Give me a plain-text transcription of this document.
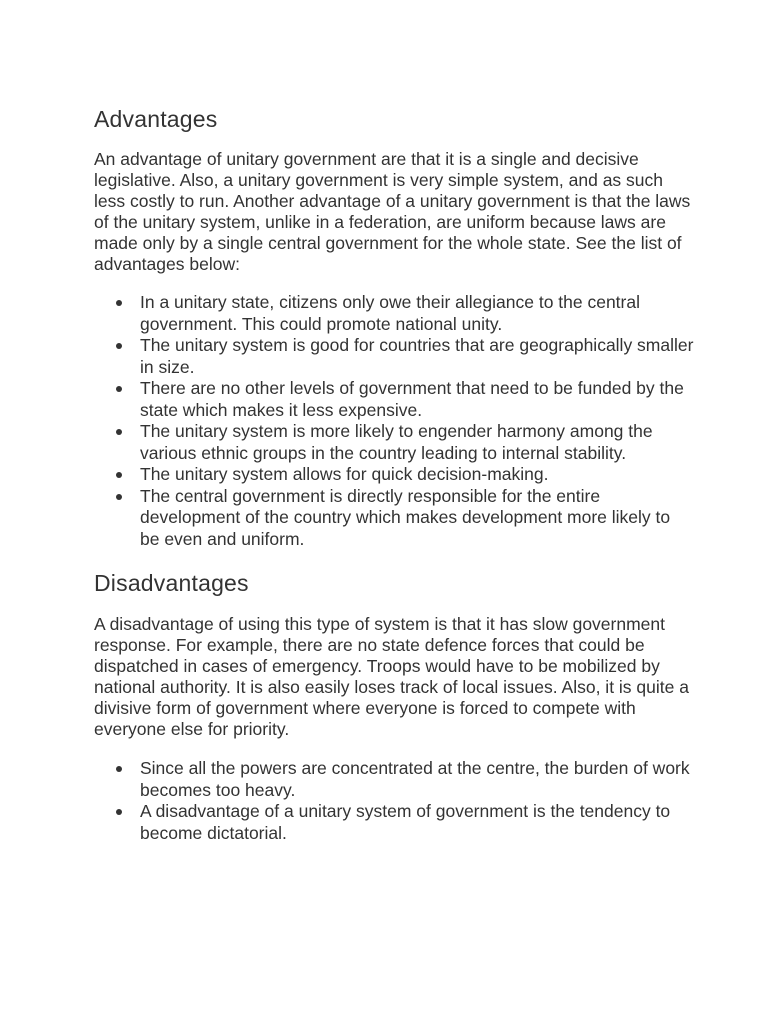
Advantages

An advantage of unitary government are that it is a single and decisive legislative. Also, a unitary government is very simple system, and as such less costly to run. Another advantage of a unitary government is that the laws of the unitary system, unlike in a federation, are uniform because laws are made only by a single central government for the whole state. See the list of advantages below:

In a unitary state, citizens only owe their allegiance to the central government. This could promote national unity.
The unitary system is good for countries that are geographically smaller in size.
There are no other levels of government that need to be funded by the state which makes it less expensive.
The unitary system is more likely to engender harmony among the various ethnic groups in the country leading to internal stability.
The unitary system allows for quick decision-making.
The central government is directly responsible for the entire development of the country which makes development more likely to be even and uniform.
Disadvantages

A disadvantage of using this type of system is that it has slow government response. For example, there are no state defence forces that could be dispatched in cases of emergency. Troops would have to be mobilized by national authority. It is also easily loses track of local issues. Also, it is quite a divisive form of government where everyone is forced to compete with everyone else for priority.

Since all the powers are concentrated at the centre, the burden of work becomes too heavy.
A disadvantage of a unitary system of government is the tendency to become dictatorial.
